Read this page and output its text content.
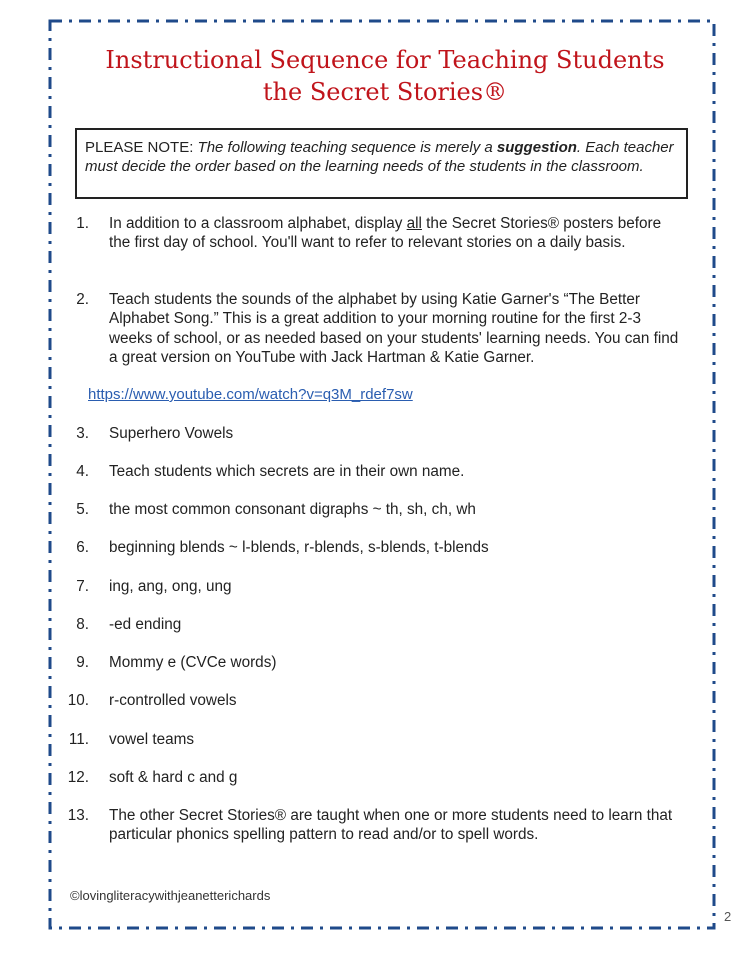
Instructional Sequence for Teaching Students
the Secret Stories®
PLEASE NOTE: The following teaching sequence is merely a suggestion. Each teacher must decide the order based on the learning needs of the students in the classroom.
1. In addition to a classroom alphabet, display all the Secret Stories® posters before the first day of school. You'll want to refer to relevant stories on a daily basis.
2. Teach students the sounds of the alphabet by using Katie Garner's “The Better Alphabet Song.” This is a great addition to your morning routine for the first 2-3 weeks of school, or as needed based on your students' learning needs. You can find a great version on YouTube with Jack Hartman & Katie Garner.
https://www.youtube.com/watch?v=q3M_rdef7sw
3. Superhero Vowels
4. Teach students which secrets are in their own name.
5. the most common consonant digraphs ~ th, sh, ch, wh
6. beginning blends ~ l-blends, r-blends, s-blends, t-blends
7. ing, ang, ong, ung
8. -ed ending
9. Mommy e (CVCe words)
10. r-controlled vowels
11. vowel teams
12. soft & hard c and g
13. The other Secret Stories® are taught when one or more students need to learn that particular phonics spelling pattern to read and/or to spell words.
©lovingliteracywithjeanetterichards
2
